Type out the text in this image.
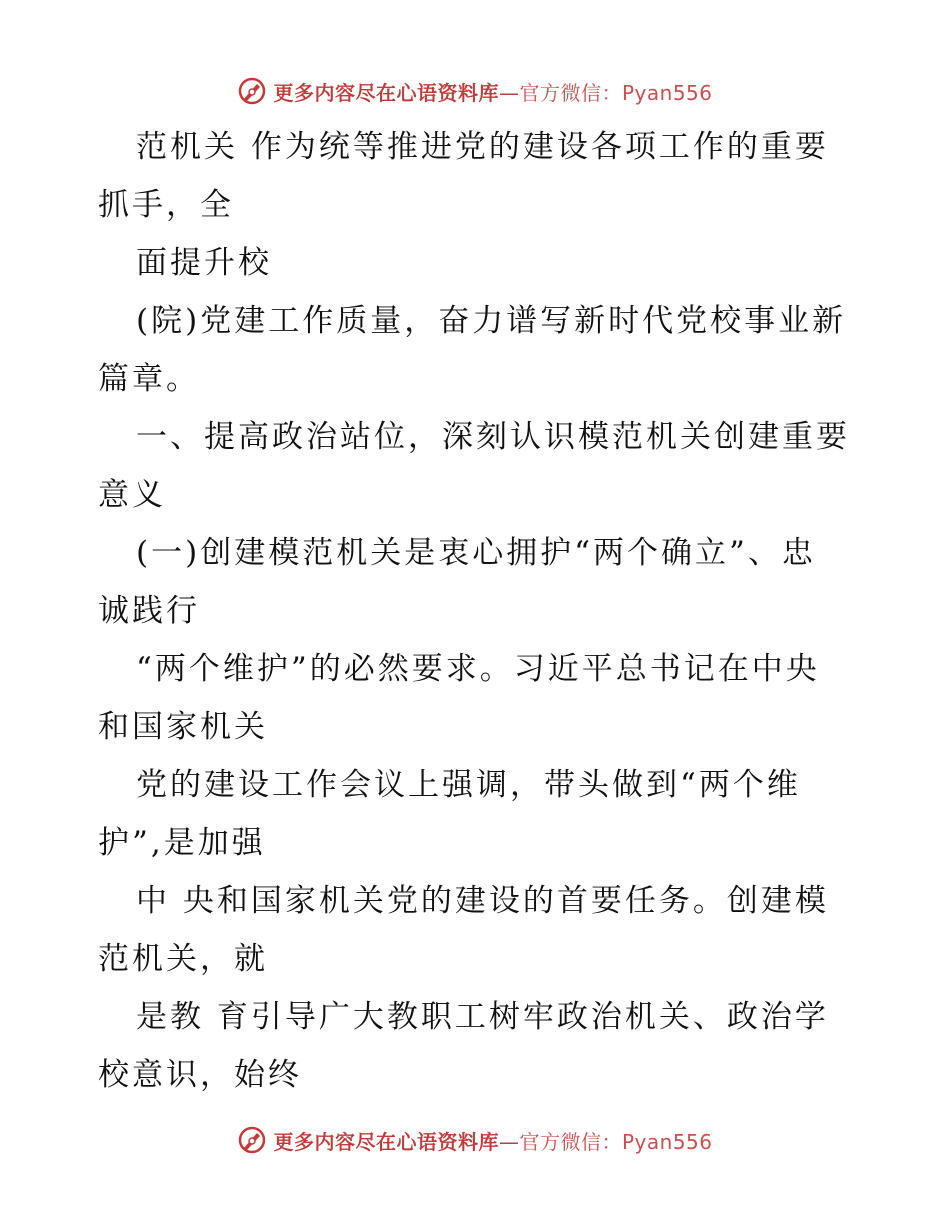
更多内容尽在心语资料库—官方微信：Pyan556
范机关 作为统等推进党的建设各项工作的重要
抓手，全
面提升校
(院)党建工作质量，奋力谱写新时代党校事业新
篇章。
一、提高政治站位，深刻认识模范机关创建重要
意义
(一)创建模范机关是衷心拥护“两个确立”、忠
诚践行
“两个维护”的必然要求。习近平总书记在中央
和国家机关
党的建设工作会议上强调，带头做到“两个维
护”,是加强
中 央和国家机关党的建设的首要任务。创建模
范机关，就
是教 育引导广大教职工树牢政治机关、政治学
校意识，始终
更多内容尽在心语资料库—官方微信：Pyan556
